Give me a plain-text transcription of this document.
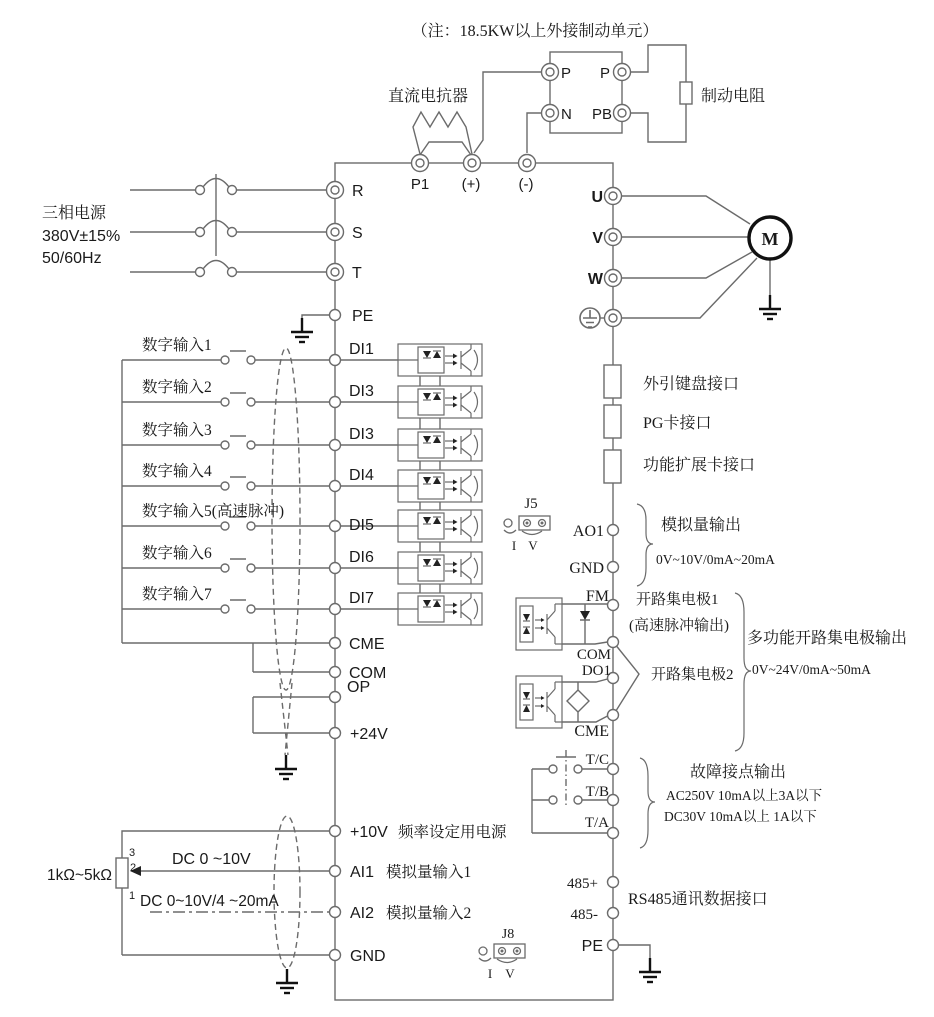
（注：18.5KW以上外接制动单元）
直流电抗器	制动电阻
P
N
P
PB
三相电源
380V±15%
50/60Hz
P1 (+)	(-)
R
S
T
PE
数字输入1	DI1
数字输入2	DI3
数字输入3	DI3
数字输入4	DI4
数字输入5(高速脉冲)
DI5
数字输入6	DI6
数字输入7	DI7
CME
COM
OP
+24V
+10V 频率设定用电源
AI1 模拟量输入1
AI2 模拟量输入2
GND
1kΩ~5kΩ
3
2
1
DC 0 ~10V
DC 0~10V/4 ~20mA
U
V
W
M
外引键盘接口
PG卡接口
功能扩展卡接口
J5
I V
AO1
GND
模拟量输出
0V~10V/0mA~20mA
FM
COM
DO1
CME
开路集电极1
(高速脉冲输出)
多功能开路集电极输出
开路集电极2 0V~24V/0mA~50mA
T/C
T/B
T/A
故障接点输出
AC250V 10mA以上3A以下
DC30V 10mA以上 1A以下
485+
485-
RS485通讯数据接口
PE
J8
I V
